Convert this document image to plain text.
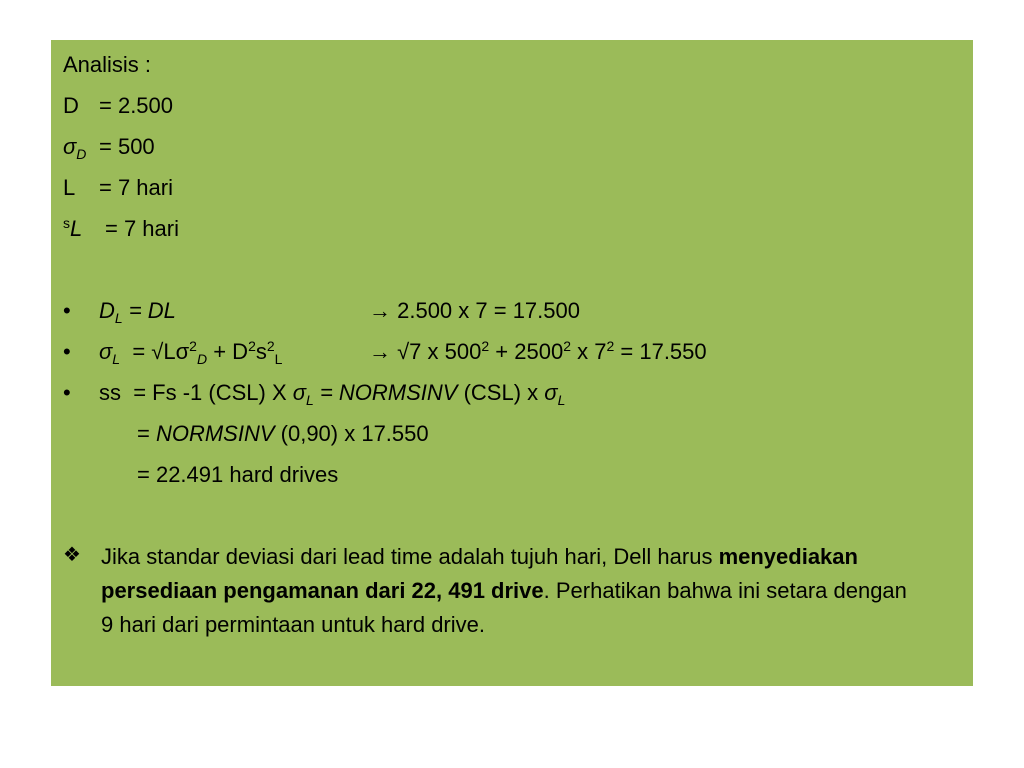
Analisis :
D = 2.500
$\sigma_D = 500$
L = 7 hari
$^s$L = 7 hari
• $D_L$ = DL	→ 2.500 x 7 = 17.500
• $\sigma_L = √L\sigma^2_D + D^2s^2_L$	→ √7 x $500^2 + 2500^2$ x $7^2 = 17.550$
• ss  = Fs -1 (CSL) X $\sigma_L$ = NORMSINV (CSL) x $\sigma_L$
= NORMSINV (0,90) x 17.550
= 22.491 hard drives
❖ Jika standar deviasi dari lead time adalah tujuh hari, Dell harus menyediakan persediaan pengamanan dari 22, 491 drive. Perhatikan bahwa ini setara dengan 9 hari dari permintaan untuk hard drive.
